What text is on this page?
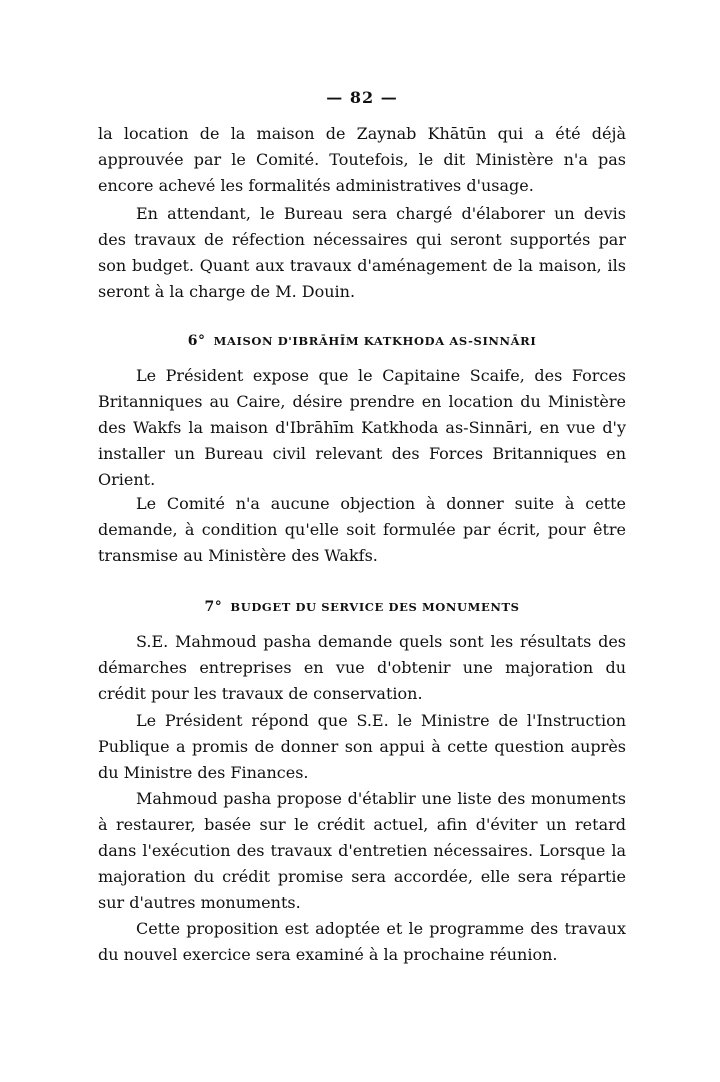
— 82 —

la location de la maison de Zaynab Khātūn qui a été déjà approuvée par le Comité. Toutefois, le dit Ministère n'a pas encore achevé les formalités administratives d'usage.

En attendant, le Bureau sera chargé d'élaborer un devis des travaux de réfection nécessaires qui seront supportés par son budget. Quant aux travaux d'aménagement de la maison, ils seront à la charge de M. Douin.

6° MAISON D'IBRĀHĪM KATKHODA AS-SINNĀRI

Le Président expose que le Capitaine Scaife, des Forces Britanniques au Caire, désire prendre en location du Ministère des Wakfs la maison d'Ibrāhīm Katkhoda as-Sinnāri, en vue d'y installer un Bureau civil relevant des Forces Britanniques en Orient.

Le Comité n'a aucune objection à donner suite à cette demande, à condition qu'elle soit formulée par écrit, pour être transmise au Ministère des Wakfs.

7° BUDGET DU SERVICE DES MONUMENTS

S.E. Mahmoud pasha demande quels sont les résultats des démarches entreprises en vue d'obtenir une majoration du crédit pour les travaux de conservation.

Le Président répond que S.E. le Ministre de l'Instruction Publique a promis de donner son appui à cette question auprès du Ministre des Finances.

Mahmoud pasha propose d'établir une liste des monuments à restaurer, basée sur le crédit actuel, afin d'éviter un retard dans l'exécution des travaux d'entretien nécessaires. Lorsque la majoration du crédit promise sera accordée, elle sera répartie sur d'autres monuments.

Cette proposition est adoptée et le programme des travaux du nouvel exercice sera examiné à la prochaine réunion.
